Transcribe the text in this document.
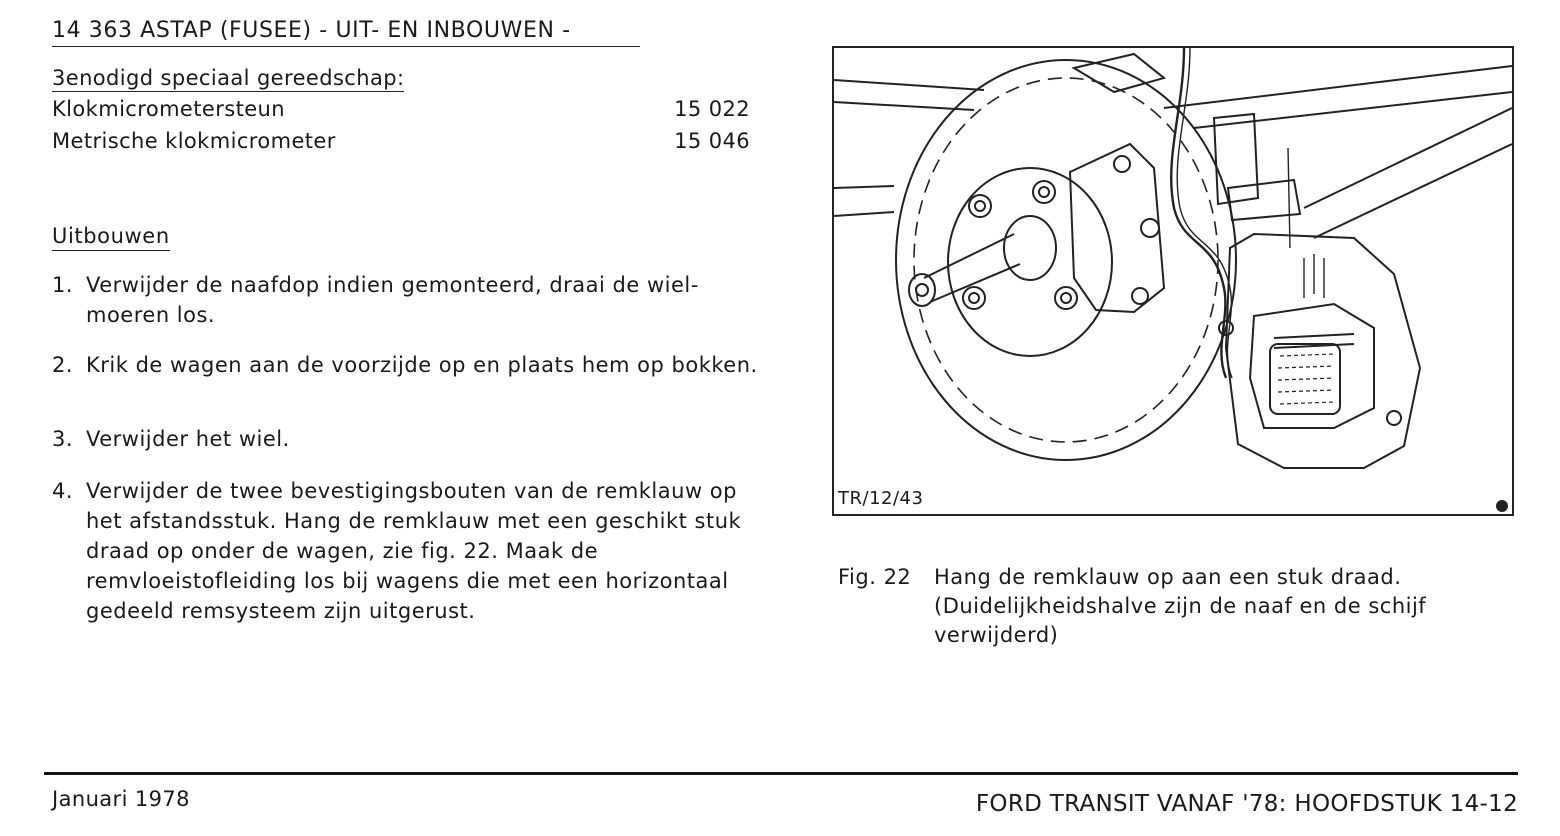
14 363 ASTAP (FUSEE) - UIT- EN INBOUWEN -
3enodigd speciaal gereedschap:
Klokmicrometersteun	15 022
Metrische klokmicrometer	15 046
Uitbouwen
1. Verwijder de naafdop indien gemonteerd, draai de wiel-moeren los.
2. Krik de wagen aan de voorzijde op en plaats hem op bokken.
3. Verwijder het wiel.
4. Verwijder de twee bevestigingsbouten van de remklauw op het afstandsstuk. Hang de remklauw met een geschikt stuk draad op onder de wagen, zie fig. 22. Maak de remvloeistofleiding los bij wagens die met een horizontaal gedeeld remsysteem zijn uitgerust.
TR/12/43
Fig. 22 Hang de remklauw op aan een stuk draad. (Duidelijkheidshalve zijn de naaf en de schijf verwijderd)
Januari 1978	FORD TRANSIT VANAF '78: HOOFDSTUK 14-12
